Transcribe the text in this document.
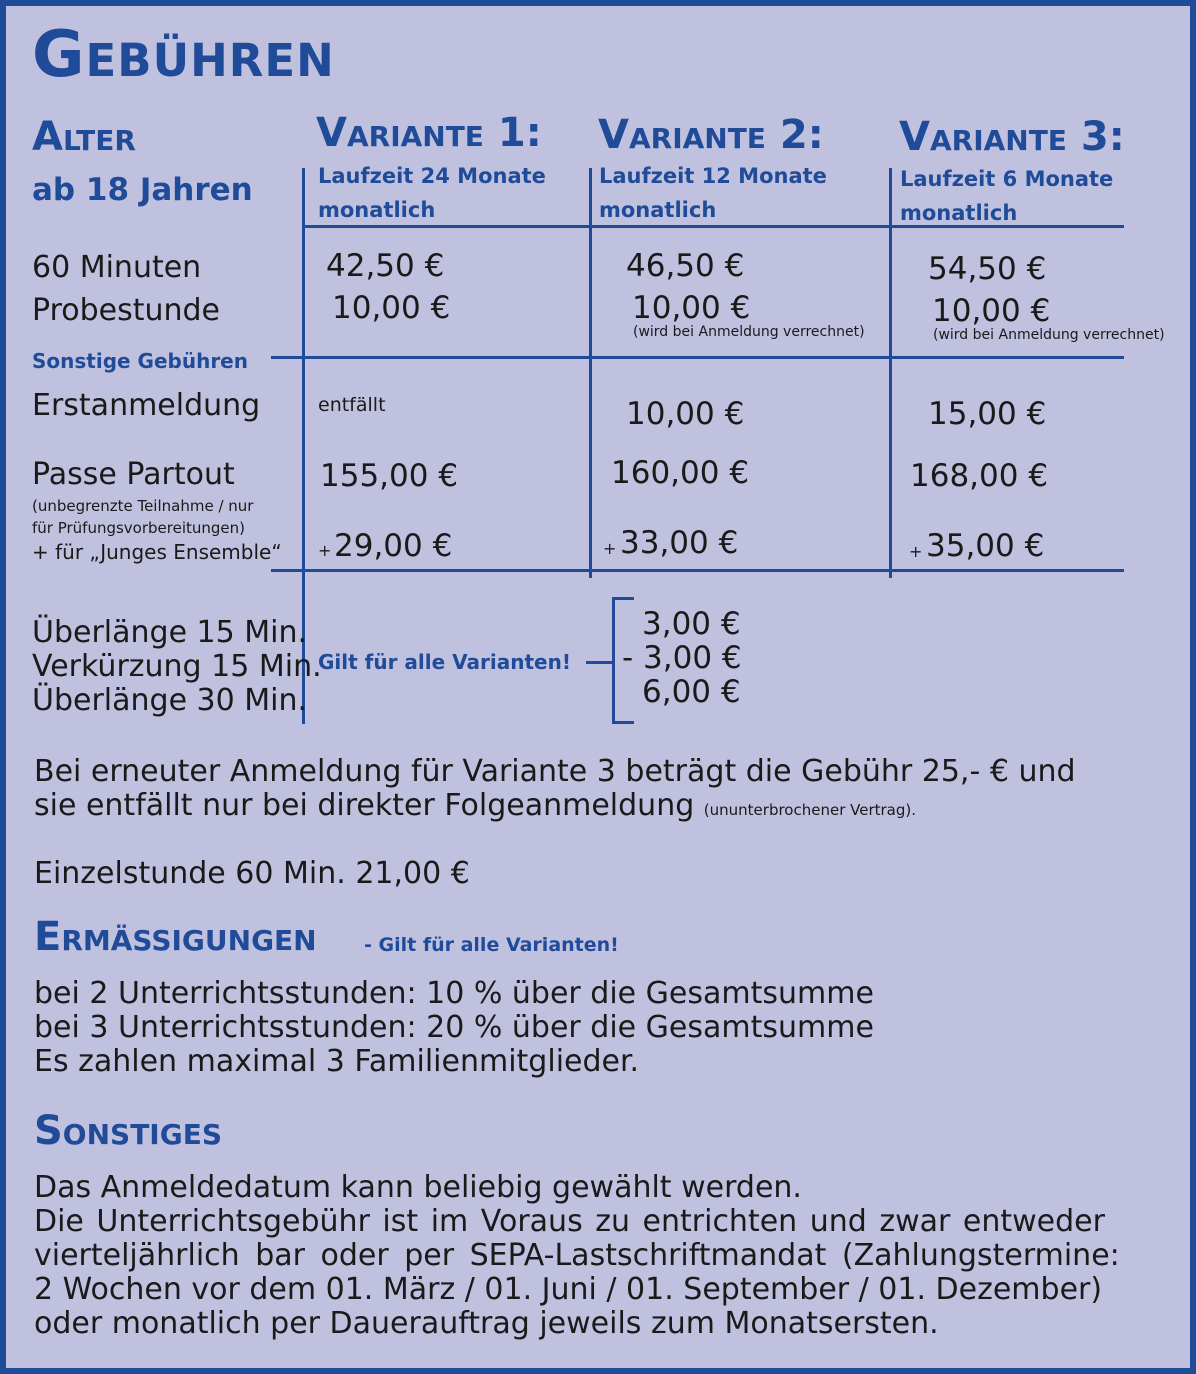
Gebühren
Alter
ab 18 Jahren
Variante 1: Variante 2: Variante 3:
Laufzeit 24 Monate
monatlich
Laufzeit 12 Monate
monatlich
Laufzeit 6 Monate
monatlich
60 Minuten
Probestunde
Sonstige Gebühren
Erstanmeldung
Passe Partout
(unbegrenzte Teilnahme / nur
für Prüfungsvorbereitungen)
+ für „Junges Ensemble“
42,50 €
10,00 €
entfällt
155,00 €
+ 29,00 €
46,50 €
10,00 €
(wird bei Anmeldung verrechnet)
10,00 €
160,00 €
+ 33,00 €
54,50 €
10,00 €
(wird bei Anmeldung verrechnet)
15,00 €
168,00 €
+ 35,00 €
Überlänge 15 Min.
Verkürzung 15 Min.
Überlänge 30 Min.
Gilt für alle Varianten!
3,00 €
- 3,00 €
6,00 €
Bei erneuter Anmeldung für Variante 3 beträgt die Gebühr 25,- € und
sie entfällt nur bei direkter Folgeanmeldung (ununterbrochener Vertrag).
Einzelstunde 60 Min. 21,00 €
Ermässigungen - Gilt für alle Varianten!
bei 2 Unterrichtsstunden: 10 % über die Gesamtsumme
bei 3 Unterrichtsstunden: 20 % über die Gesamtsumme
Es zahlen maximal 3 Familienmitglieder.
Sonstiges
Das Anmeldedatum kann beliebig gewählt werden.
Die Unterrichtsgebühr ist im Voraus zu entrichten und zwar entweder
vierteljährlich bar oder per SEPA-Lastschriftmandat (Zahlungstermine:
2 Wochen vor dem 01. März / 01. Juni / 01. September / 01. Dezember)
oder monatlich per Dauerauftrag jeweils zum Monatsersten.
